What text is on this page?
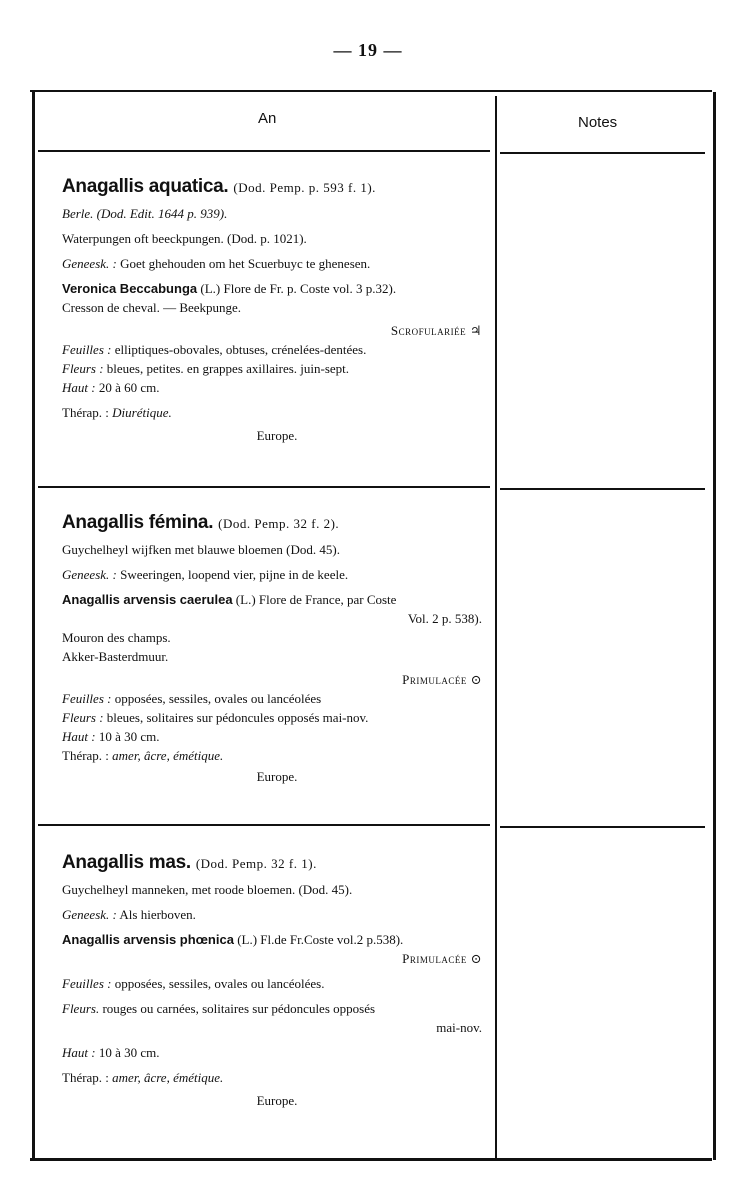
— 19 —
An	Notes
Anagallis aquatica. (Dod. Pemp. p. 593 f. 1).
Berle. (Dod. Edit. 1644 p. 939).
Waterpungen oft beeckpungen. (Dod. p. 1021).
Geneesk. : Goet ghehouden om het Scuerbuyc te ghenesen.
Veronica Beccabunga (L.) Flore de Fr. p. Coste vol. 3 p.32).
Cresson de cheval. — Beekpunge.
Scrofulariée ♃
Feuilles : elliptiques-obovales, obtuses, crénelées-dentées.
Fleurs : bleues, petites. en grappes axillaires. juin-sept.
Haut : 20 à 60 cm.
Thérap. : Diurétique.
Europe.
Anagallis fémina. (Dod. Pemp. 32 f. 2).
Guychelheyl wijfken met blauwe bloemen (Dod. 45).
Geneesk. : Sweeringen, loopend vier, pijne in de keele.
Anagallis arvensis caerulea (L.) Flore de France, par Coste
Vol. 2 p. 538).
Mouron des champs.
Akker-Basterdmuur.
Primulacée ⊙
Feuilles : opposées, sessiles, ovales ou lancéolées
Fleurs : bleues, solitaires sur pédoncules opposés mai-nov.
Haut : 10 à 30 cm.
Thérap. : amer, âcre, émétique.
Europe.
Anagallis mas. (Dod. Pemp. 32 f. 1).
Guychelheyl manneken, met roode bloemen. (Dod. 45).
Geneesk. : Als hierboven.
Anagallis arvensis phœnica (L.) Fl.de Fr.Coste vol.2 p.538).
Primulacée ⊙
Feuilles : opposées, sessiles, ovales ou lancéolées.
Fleurs. rouges ou carnées, solitaires sur pédoncules opposés
mai-nov.
Haut : 10 à 30 cm.
Thérap. : amer, âcre, émétique.
Europe.
